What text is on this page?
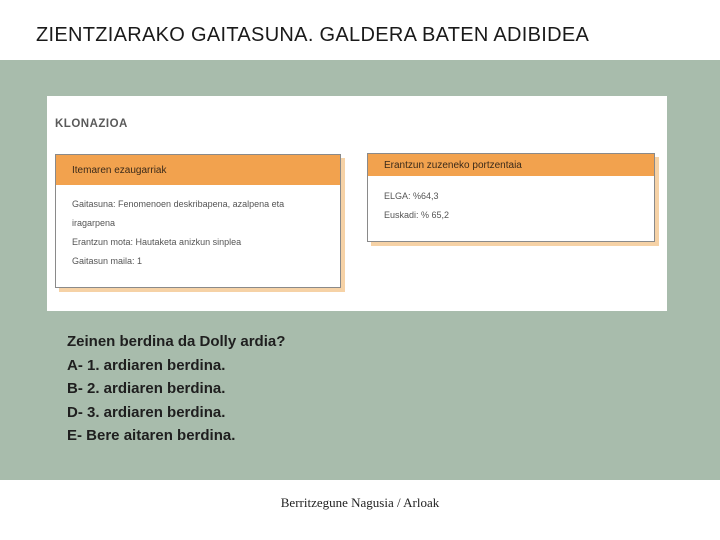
ZIENTZIARAKO GAITASUNA. GALDERA BATEN ADIBIDEA
KLONAZIOA
Itemaren ezaugarriak
Gaitasuna: Fenomenoen deskribapena, azalpena eta
iragarpena
Erantzun mota: Hautaketa anizkun sinplea
Gaitasun maila: 1
Erantzun zuzeneko portzentaia
ELGA: %64,3
Euskadi: % 65,2
Zeinen berdina da Dolly ardia?
A- 1. ardiaren berdina.
B- 2. ardiaren berdina.
D- 3. ardiaren berdina.
E- Bere aitaren berdina.
Berritzegune Nagusia / Arloak
